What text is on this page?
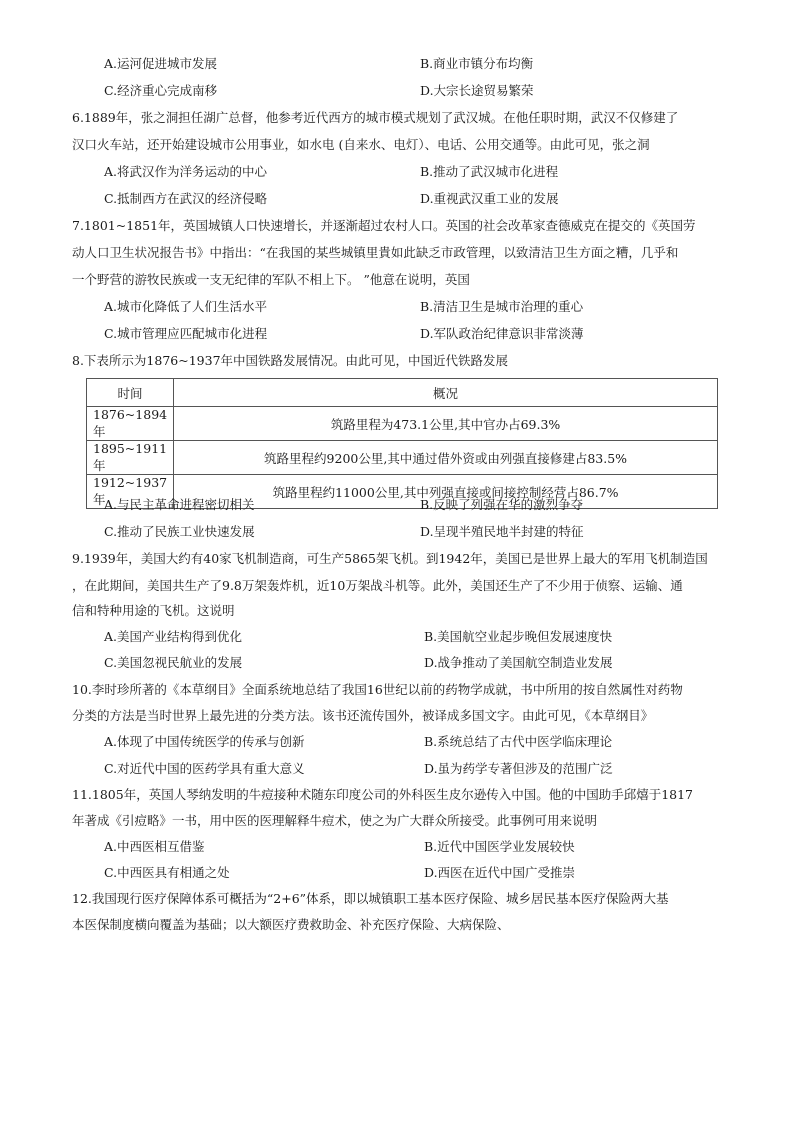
A.运河促进城市发展	B.商业市镇分布均衡
C.经济重心完成南移	D.大宗长途贸易繁荣
6.1889年，张之洞担任湖广总督，他参考近代西方的城市模式规划了武汉城。在他任职时期，武汉不仅修建了
汉口火车站，还开始建设城市公用事业，如水电 (自来水、电灯）、电话、公用交通等。由此可见，张之洞
A.将武汉作为洋务运动的中心	B.推动了武汉城市化进程
C.抵制西方在武汉的经济侵略	D.重视武汉重工业的发展
7.1801~1851年，英国城镇人口快速增长，并逐渐超过农村人口。英国的社会改革家查德威克在提交的《英国劳
动人口卫生状况报告书》中指出：“在我国的某些城镇里貴如此缺乏市政管理，以致清洁卫生方面之糟，几乎和
一个野营的游牧民族或一支无纪律的军队不相上下。 ”他意在说明，英国
A.城市化降低了人们生活水平	B.清洁卫生是城市治理的重心
C.城市管理应匹配城市化进程	D.军队政治纪律意识非常淡薄
8.下表所示为1876~1937年中国铁路发展情况。由此可见，中国近代铁路发展
时间	概况
1876~1894年	筑路里程为473.1公里,其中官办占69.3%
1895~1911年	筑路里程约9200公里,其中通过借外资或由列强直接修建占83.5%
1912~1937年	筑路里程约11000公里,其中列强直接或间接控制经营占86.7%
A.与民主革命进程密切相关	B.反映了列强在华的激烈争夺
C.推动了民族工业快速发展	D.呈现半殖民地半封建的特征
9.1939年，美国大约有40家飞机制造商，可生产5865架飞机。到1942年，美国已是世界上最大的军用飞机制造国
，在此期间，美国共生产了9.8万架轰炸机，近10万架战斗机等。此外，美国还生产了不少用于侦察、运输、通
信和特种用途的飞机。这说明
A.美国产业结构得到优化	B.美国航空业起步晚但发展速度快
C.美国忽视民航业的发展	D.战争推动了美国航空制造业发展
10.李时珍所著的《本草纲目》全面系统地总结了我国16世纪以前的药物学成就，书中所用的按自然属性对药物
分类的方法是当时世界上最先进的分类方法。该书还流传国外，被译成多国文字。由此可见，《本草纲目》
A.体现了中国传统医学的传承与创新	B.系统总结了古代中医学临床理论
C.对近代中国的医药学具有重大意义	D.虽为药学专著但涉及的范围广泛
11.1805年，英国人琴纳发明的牛痘接种术随东印度公司的外科医生皮尔逊传入中国。他的中国助手邱熺于1817
年著成《引痘略》一书，用中医的医理解释牛痘术，使之为广大群众所接受。此事例可用来说明
A.中西医相互借鉴	B.近代中国医学业发展较快
C.中西医具有相通之处	D.西医在近代中国广受推崇
12.我国现行医疗保障体系可概括为“2+6”体系，即以城镇职工基本医疗保险、城乡居民基本医疗保险两大基
本医保制度横向覆盖为基础；以大额医疗费救助金、补充医疗保险、大病保险、
